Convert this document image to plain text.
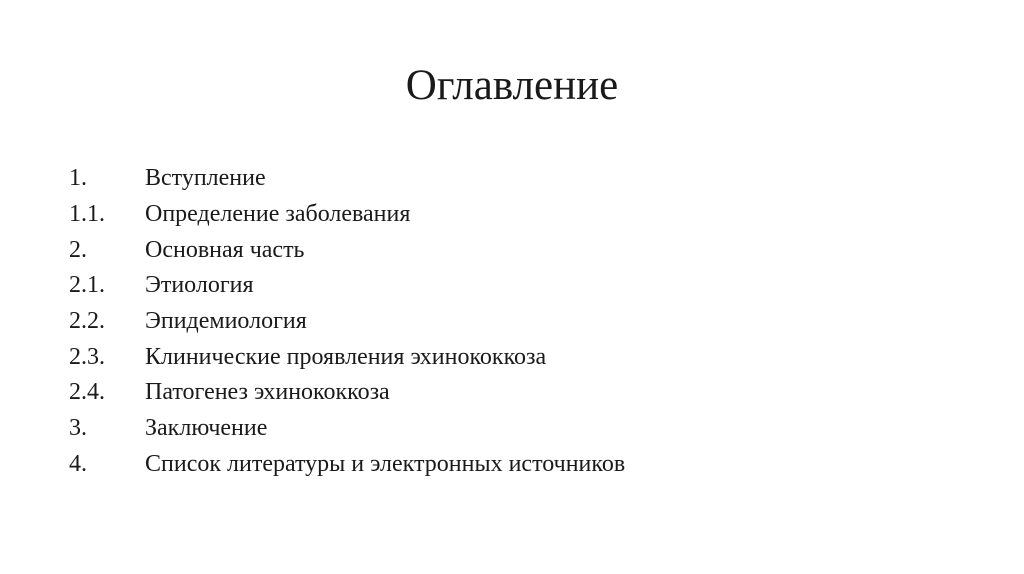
Оглавление
1.	Вступление
1.1.	Определение заболевания
2.	Основная часть
2.1.	Этиология
2.2.	Эпидемиология
2.3.	Клинические проявления эхинококкоза
2.4.	Патогенез эхинококкоза
3.	Заключение
4.	Список литературы и электронных источников
